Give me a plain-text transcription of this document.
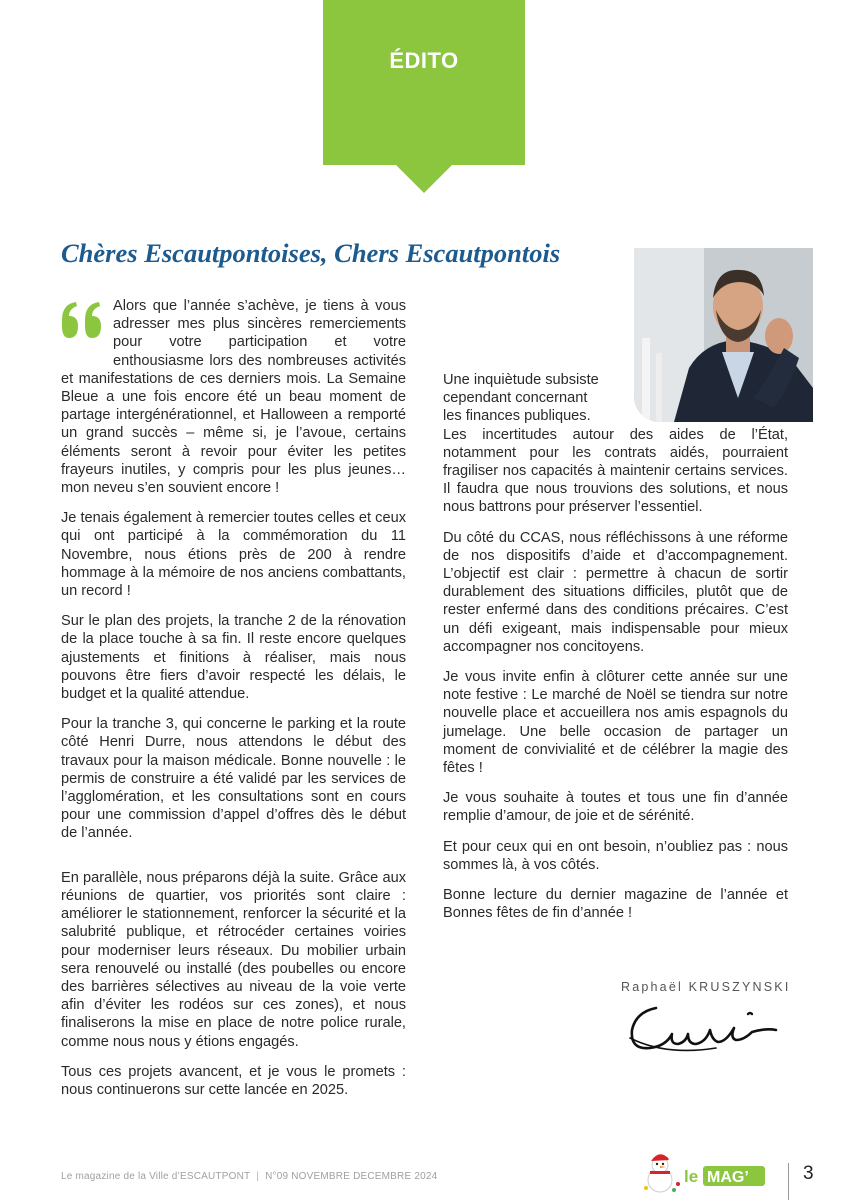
ÉDITO
Chères Escautpontoises, Chers Escautpontois

Alors que l’année s’achève, je tiens à vous adresser mes plus sincères remerciements pour votre participation et votre enthousiasme lors des nombreuses activités et manifestations de ces derniers mois. La Semaine Bleue a une fois encore été un beau moment de partage intergénérationnel, et Halloween a remporté un grand succès – même si, je l’avoue, certains éléments seront à revoir pour éviter les petites frayeurs inutiles, y compris pour les plus jeunes… mon neveu s’en souvient encore !

Je tenais également à remercier toutes celles et ceux qui ont participé à la commémoration du 11 Novembre, nous étions près de 200 à rendre hommage à la mémoire de nos anciens combattants, un record !

Sur le plan des projets, la tranche 2 de la rénovation de la place touche à sa fin. Il reste encore quelques ajustements et finitions à réaliser, mais nous pouvons être fiers d’avoir respecté les délais, le budget et la qualité attendue.

Pour la tranche 3, qui concerne le parking et la route côté Henri Durre, nous attendons le début des travaux pour la maison médicale. Bonne nouvelle : le permis de construire a été validé par les services de l’agglomération, et les consultations sont en cours pour une commission d’appel d’offres dès le début de l’année.

En parallèle, nous préparons déjà la suite. Grâce aux réunions de quartier, vos priorités sont claire : améliorer le stationnement, renforcer la sécurité et la salubrité publique, et rétrocéder certaines voiries pour moderniser leurs réseaux. Du mobilier urbain sera renouvelé ou installé (des poubelles ou encore des barrières sélectives au niveau de la voie verte afin d’éviter les rodéos sur ces zones), et nous finaliserons la mise en place de notre police rurale, comme nous nous y étions engagés.

Tous ces projets avancent, et je vous le promets : nous continuerons sur cette lancée en 2025.

Une inquiètude subsiste
cependant concernant
les finances publiques.
Les incertitudes autour des aides de l’État, notamment pour les contrats aidés, pourraient fragiliser nos capacités à maintenir certains services. Il faudra que nous trouvions des solutions, et nous nous battrons pour préserver l’essentiel.

Du côté du CCAS, nous réfléchissons à une réforme de nos dispositifs d’aide et d’accompagnement. L’objectif est clair : permettre à chacun de sortir durablement des situations difficiles, plutôt que de rester enfermé dans des conditions précaires. C’est un défi exigeant, mais indispensable pour mieux accompagner nos concitoyens.

Je vous invite enfin à clôturer cette année sur une note festive : Le marché de Noël se tiendra sur notre nouvelle place et accueillera nos amis espagnols du jumelage. Une belle occasion de partager un moment de convivialité et de célébrer la magie des fêtes !

Je vous souhaite à toutes et tous une fin d’année remplie d’amour, de joie et de sérénité.

Et pour ceux qui en ont besoin, n’oubliez pas : nous sommes là, à vos côtés.

Bonne lecture du dernier magazine de l’année et Bonnes fêtes de fin d’année !

Raphaël KRUSZYNSKI
Le magazine de la Ville d’ESCAUTPONT | N°09 NOVEMBRE DECEMBRE 2024	le MAG’	3
